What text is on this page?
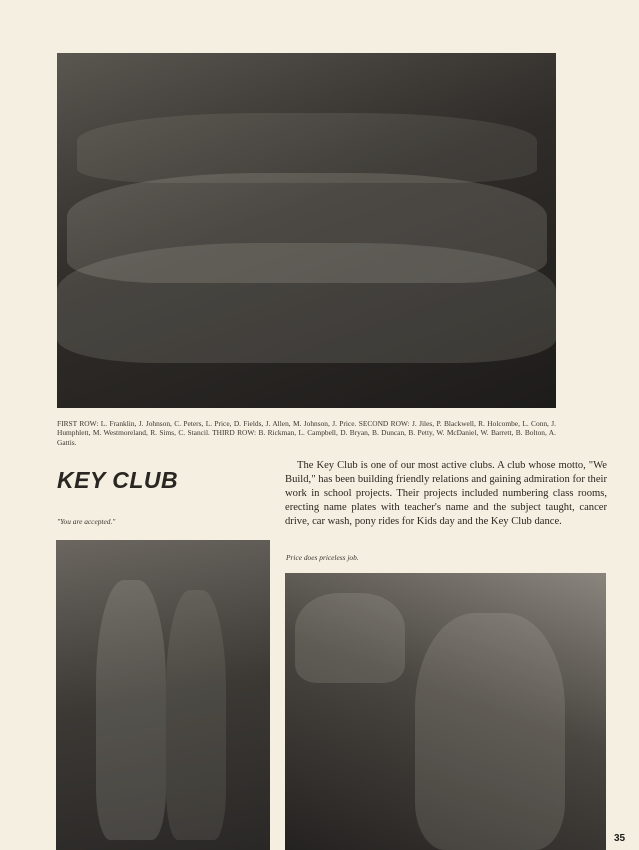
FIRST ROW: L. Franklin, J. Johnson, C. Peters, L. Price, D. Fields, J. Allen, M. Johnson, J. Price. SECOND ROW: J. Jiles, P. Blackwell, R. Holcombe, L. Conn, J. Humphlett, M. Westmoreland, R. Sims, C. Stancil. THIRD ROW: B. Rickman, L. Campbell, D. Bryan, B. Duncan, B. Petty, W. McDaniel, W. Barrett, B. Bolton, A. Gattis.
KEY CLUB
"You are accepted."

The Key Club is one of our most active clubs. A club whose motto, "We Build," has been building friendly relations and gaining admiration for their work in school projects. Their projects included numbering class rooms, erecting name plates with teacher's name and the subject taught, cancer drive, car wash, pony rides for Kids day and the Key Club dance.

Price does priceless job.
35
